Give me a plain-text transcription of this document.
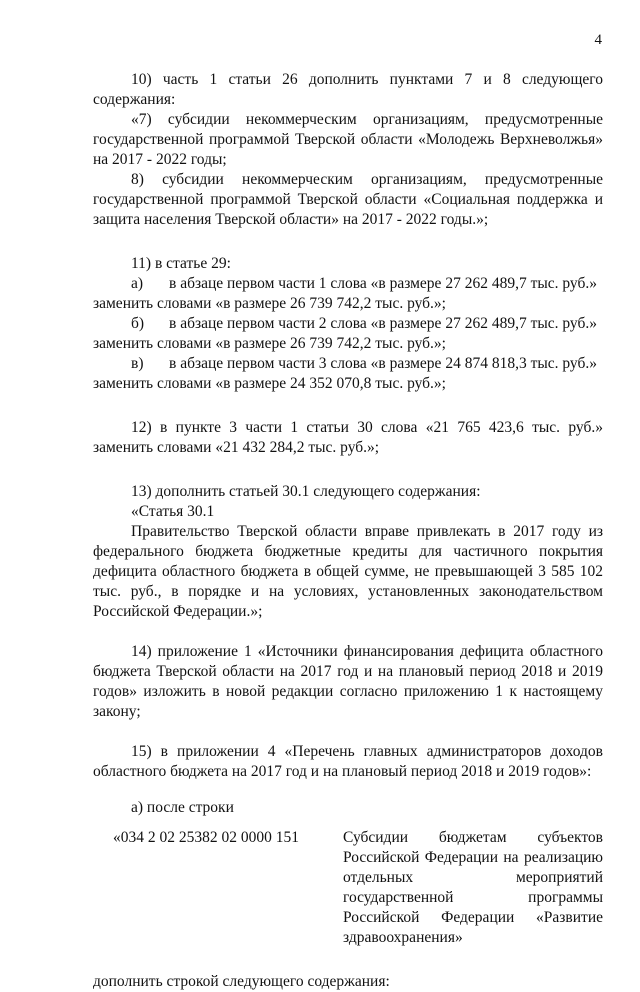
4

10) часть 1 статьи 26 дополнить пунктами 7 и 8 следующего содержания:

«7) субсидии некоммерческим организациям, предусмотренные государственной программой Тверской области «Молодежь Верхневолжья» на 2017 - 2022 годы;

8) субсидии некоммерческим организациям, предусмотренные государственной программой Тверской области «Социальная поддержка и защита населения Тверской области» на 2017 - 2022 годы.»;

11) в статье 29:

а)	в абзаце первом части 1 слова «в размере 27 262 489,7 тыс. руб.»

заменить словами «в размере 26 739 742,2 тыс. руб.»;

б)	в абзаце первом части 2 слова «в размере 27 262 489,7 тыс. руб.»

заменить словами «в размере 26 739 742,2 тыс. руб.»;

в)	в абзаце первом части 3 слова «в размере 24 874 818,3 тыс. руб.»

заменить словами «в размере 24 352 070,8 тыс. руб.»;

12) в пункте 3 части 1 статьи 30 слова «21 765 423,6 тыс. руб.» заменить словами «21 432 284,2 тыс. руб.»;

13) дополнить статьей 30.1 следующего содержания:

«Статья 30.1

Правительство Тверской области вправе привлекать в 2017 году из федерального бюджета бюджетные кредиты для частичного покрытия дефицита областного бюджета в общей сумме, не превышающей 3 585 102 тыс. руб., в порядке и на условиях, установленных законодательством Российской Федерации.»;

14) приложение 1 «Источники финансирования дефицита областного бюджета Тверской области на 2017 год и на плановый период 2018 и 2019 годов» изложить в новой редакции согласно приложению 1 к настоящему закону;

15) в приложении 4 «Перечень главных администраторов доходов областного бюджета на 2017 год и на плановый период 2018 и 2019 годов»:

а) после строки

«034 2 02 25382 02 0000 151	Субсидии бюджетам субъектов Российской Федерации на реализацию отдельных мероприятий государственной программы Российской Федерации «Развитие здравоохранения»

дополнить строкой следующего содержания:
